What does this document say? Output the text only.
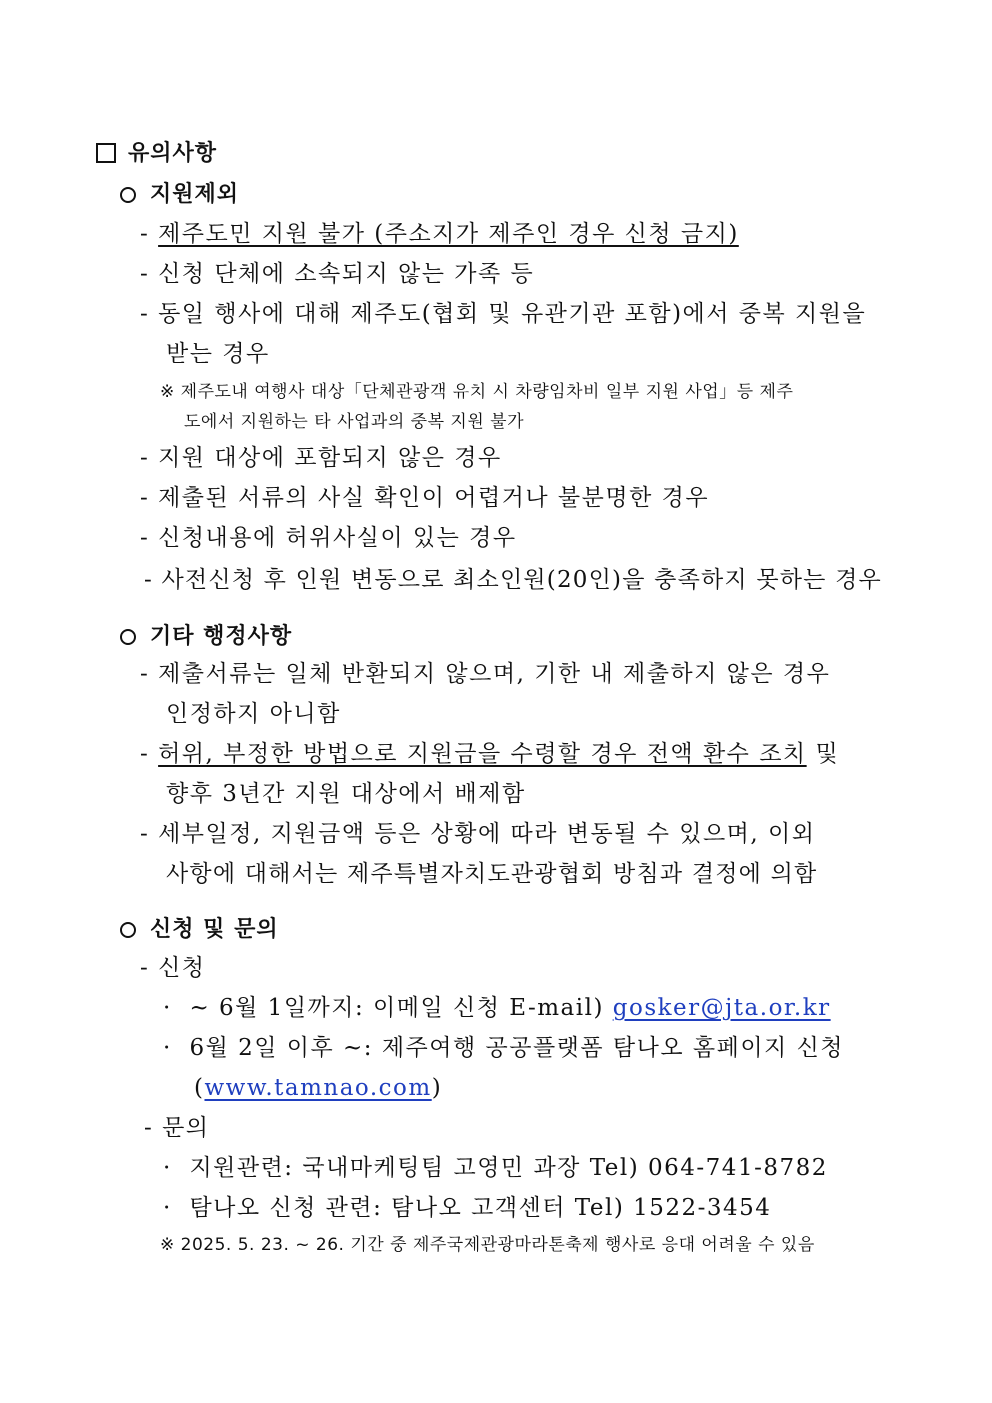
유의사항
지원제외
- 제주도민 지원 불가 (주소지가 제주인 경우 신청 금지)
- 신청 단체에 소속되지 않는 가족 등
- 동일 행사에 대해 제주도(협회 및 유관기관 포함)에서 중복 지원을
받는 경우
※ 제주도내 여행사 대상「단체관광객 유치 시 차량임차비 일부 지원 사업」등 제주
도에서 지원하는 타 사업과의 중복 지원 불가
- 지원 대상에 포함되지 않은 경우
- 제출된 서류의 사실 확인이 어렵거나 불분명한 경우
- 신청내용에 허위사실이 있는 경우
- 사전신청 후 인원 변동으로 최소인원(20인)을 충족하지 못하는 경우
기타 행정사항
- 제출서류는 일체 반환되지 않으며, 기한 내 제출하지 않은 경우
인정하지 아니함
- 허위, 부정한 방법으로 지원금을 수령할 경우 전액 환수 조치 및
향후 3년간 지원 대상에서 배제함
- 세부일정, 지원금액 등은 상황에 따라 변동될 수 있으며, 이외
사항에 대해서는 제주특별자치도관광협회 방침과 결정에 의함
신청 및 문의
- 신청
·  ~ 6월 1일까지: 이메일 신청 E-mail) gosker@jta.or.kr
·  6월 2일 이후 ~: 제주여행 공공플랫폼 탐나오 홈페이지 신청
(www.tamnao.com)
- 문의
·  지원관련: 국내마케팅팀 고영민 과장 Tel) 064-741-8782
·  탐나오 신청 관련: 탐나오 고객센터 Tel) 1522-3454
※ 2025. 5. 23. ~ 26. 기간 중 제주국제관광마라톤축제 행사로 응대 어려울 수 있음
